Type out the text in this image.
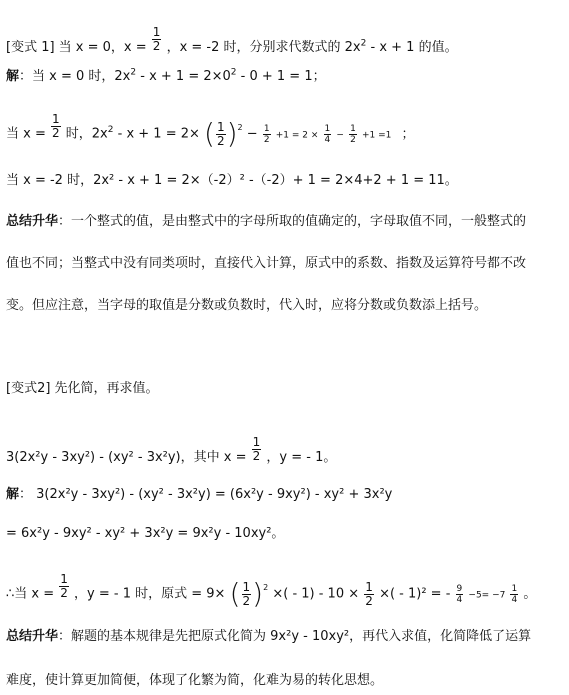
[变式 1] 当 x = 0，$x = \frac{1}{2}$ ，x = -2 时，分别求代数式的 $2x^2 - x + 1$ 的值。
解：当 x = 0 时，$2x^2 - x + 1 = 2\times 0^2 - 0 + 1 = 1$；
当 $x = \frac{1}{2}$ 时，$2x^2 - x + 1 = 2\times$ ( 1
2 ) $2 - \frac{1}{2} +1 = 2 \times \frac{1}{4} - \frac{1}{2} +1 =1$ ；
当 x = -2 时，2x² - x + 1 = 2×（-2）² -（-2）+ 1 = 2×4+2 + 1 = 11。
总结升华：一个整式的值，是由整式中的字母所取的值确定的，字母取值不同，一般整式的
值也不同；当整式中没有同类项时，直接代入计算，原式中的系数、指数及运算符号都不改
变。但应注意，当字母的取值是分数或负数时，代入时，应将分数或负数添上括号。
[变式2] 先化简，再求值。
3(2x²y - 3xy²) - (xy² - 3x²y)，其中 $x = \frac{1}{2}$ ，y = - 1。
解： 3(2x²y - 3xy²) - (xy² - 3x²y) = (6x²y - 9xy²) - xy² + 3x²y
= 6x²y - 9xy² - xy² + 3x²y = 9x²y - 10xy²。
∴当 $x = \frac{1}{2}$ ，y = - 1 时，原式 = 9× ( 1
2 ) 2 ×( - $1) - 10 \times \frac{1}{2}$ ×( - 1)² = - $\frac{9}{4} -5= -7 \frac{1}{4}$ 。
总结升华：解题的基本规律是先把原式化简为 9x²y - 10xy²，再代入求值，化简降低了运算
难度，使计算更加简便，体现了化繁为简，化难为易的转化思想。
